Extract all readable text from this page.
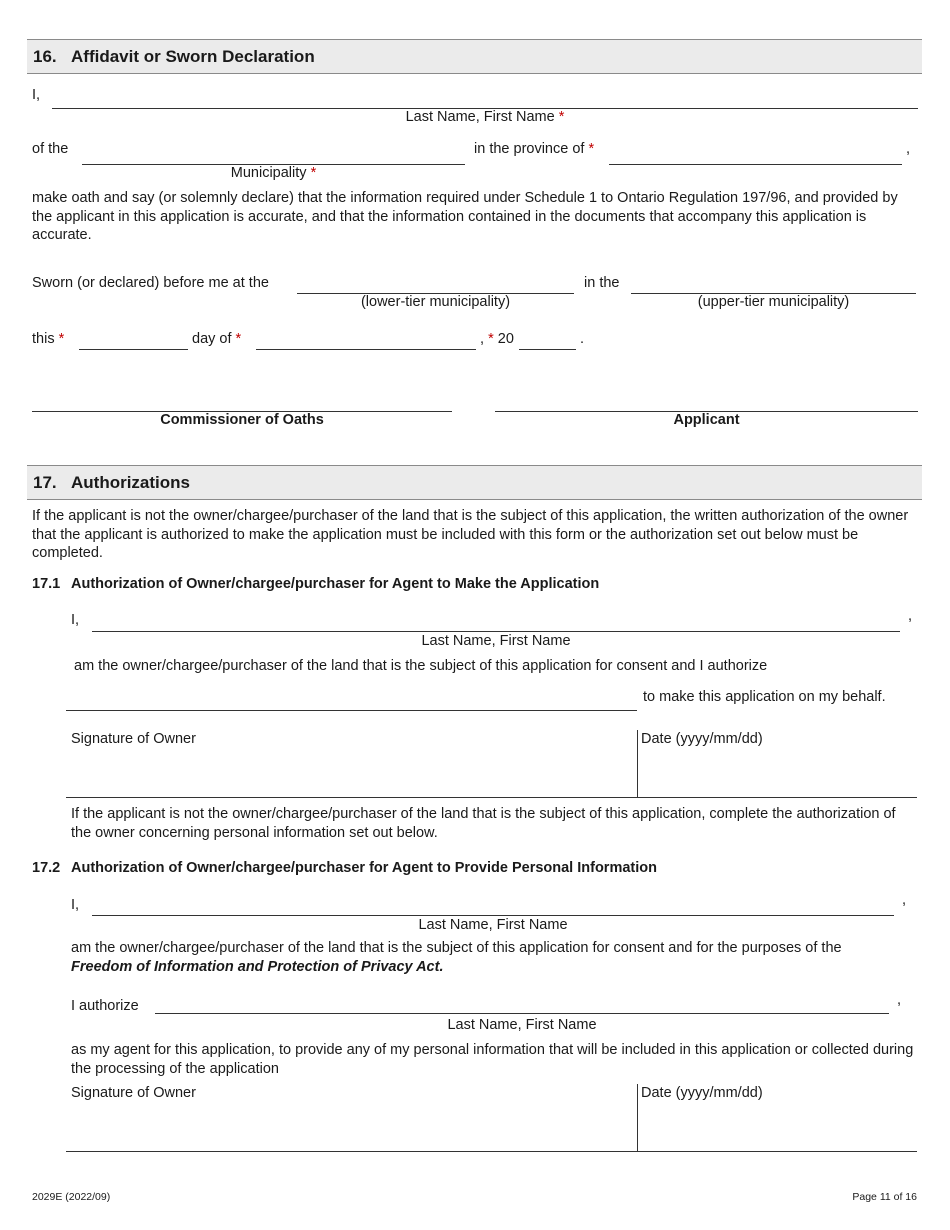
16. Affidavit or Sworn Declaration
I,
Last Name, First Name *
of the
Municipality *
in the province of *	,
make oath and say (or solemnly declare) that the information required under Schedule 1 to Ontario Regulation 197/96, and provided by the applicant in this application is accurate, and that the information contained in the documents that accompany this application is accurate.
Sworn (or declared) before me at the
(lower-tier municipality)
in the
(upper-tier municipality)
this *	day of *	, * 20	.
Commissioner of Oaths	Applicant
17. Authorizations
If the applicant is not the owner/chargee/purchaser of the land that is the subject of this application, the written authorization of the owner that the applicant is authorized to make the application must be included with this form or the authorization set out below must be completed.
17.1 Authorization of Owner/chargee/purchaser for Agent to Make the Application
I,	,
Last Name, First Name
am the owner/chargee/purchaser of the land that is the subject of this application for consent and I authorize
to make this application on my behalf.
Signature of Owner	Date (yyyy/mm/dd)
If the applicant is not the owner/chargee/purchaser of the land that is the subject of this application, complete the authorization of the owner concerning personal information set out below.
17.2 Authorization of Owner/chargee/purchaser for Agent to Provide Personal Information
I,	,
Last Name, First Name
am the owner/chargee/purchaser of the land that is the subject of this application for consent and for the purposes of the
Freedom of Information and Protection of Privacy Act.
I authorize	,
Last Name, First Name
as my agent for this application, to provide any of my personal information that will be included in this application or collected during the processing of the application
Signature of Owner	Date (yyyy/mm/dd)
2029E (2022/09)	Page 11 of 16
